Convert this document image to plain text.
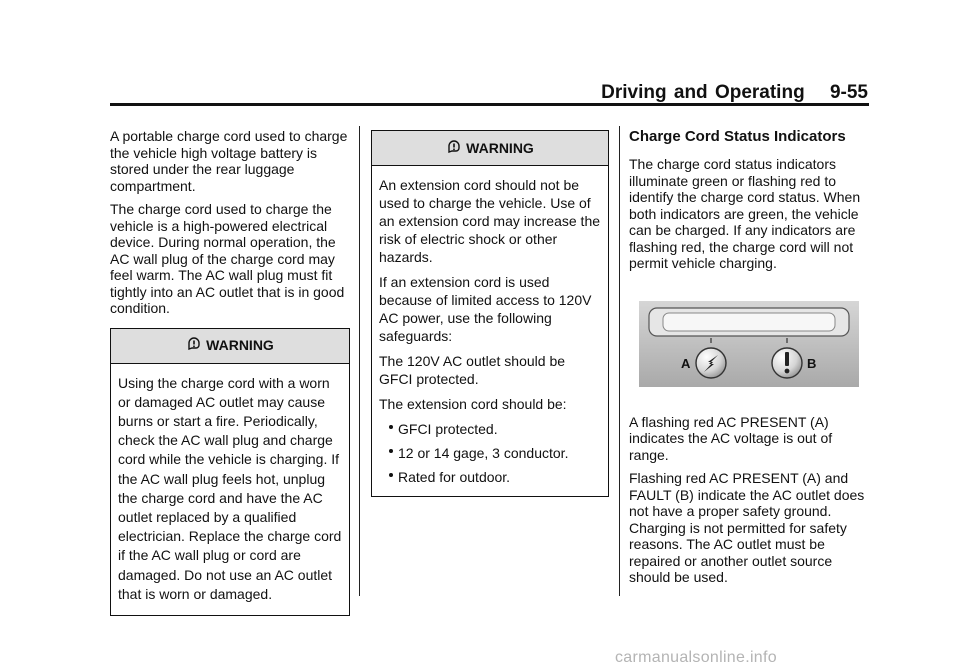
Driving and Operating 9-55

A portable charge cord used to charge the vehicle high voltage battery is stored under the rear luggage compartment.

The charge cord used to charge the vehicle is a high-powered electrical device. During normal operation, the AC wall plug of the charge cord may feel warm. The AC wall plug must fit tightly into an AC outlet that is in good condition.

WARNING

Using the charge cord with a worn or damaged AC outlet may cause burns or start a fire. Periodically, check the AC wall plug and charge cord while the vehicle is charging. If the AC wall plug feels hot, unplug the charge cord and have the AC outlet replaced by a qualified electrician. Replace the charge cord if the AC wall plug or cord are damaged. Do not use an AC outlet that is worn or damaged.

WARNING

An extension cord should not be used to charge the vehicle. Use of an extension cord may increase the risk of electric shock or other hazards.

If an extension cord is used because of limited access to 120V AC power, use the following safeguards:

The 120V AC outlet should be GFCI protected.

The extension cord should be:

GFCI protected.
12 or 14 gage, 3 conductor.
Rated for outdoor.
Charge Cord Status Indicators

The charge cord status indicators illuminate green or flashing red to identify the charge cord status. When both indicators are green, the vehicle can be charged. If any indicators are flashing red, the charge cord will not permit vehicle charging.

A	B

A flashing red AC PRESENT (A) indicates the AC voltage is out of range.

Flashing red AC PRESENT (A) and FAULT (B) indicate the AC outlet does not have a proper safety ground. Charging is not permitted for safety reasons. The AC outlet must be repaired or another outlet source should be used.

carmanualsonline.info
